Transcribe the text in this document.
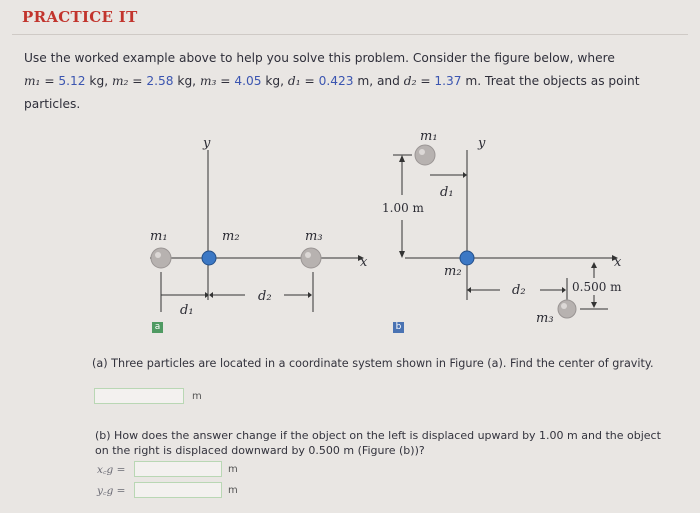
PRACTICE IT
Use the worked example above to help you solve this problem. Consider the figure below, where
m₁ = 5.12 kg, m₂ = 2.58 kg, m₃ = 4.05 kg, d₁ = 0.423 m, and d₂ = 1.37 m. Treat the objects as point
particles.
y
x
m₁	m₂	m₃
d₁
d₂
y
x
m₁
d₁
1.00 m
m₂
d₂	0.500 m
m₃
a	b
(a) Three particles are located in a coordinate system shown in Figure (a). Find the center of gravity.
m
(b) How does the answer change if the object on the left is displaced upward by 1.00 m and the object on the right is displaced downward by 0.500 m (Figure (b))?
x꜀g =	m
y꜀g =	m
